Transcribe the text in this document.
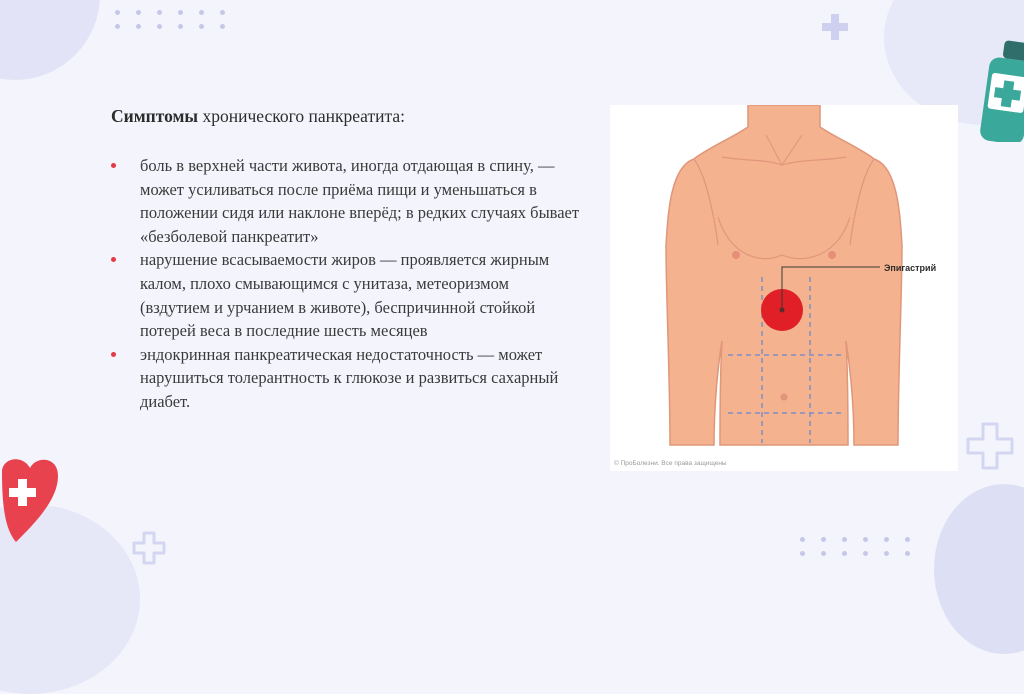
Симптомы хронического панкреатита:
боль в верхней части живота, иногда отдающая в спину, — может усиливаться после приёма пищи и уменьшаться в положении сидя или наклоне вперёд; в редких случаях бывает «безболевой панкреатит»
нарушение всасываемости жиров — проявляется жирным калом, плохо смывающимся с унитаза, метеоризмом (вздутием и урчанием в животе), беспричинной стойкой потерей веса в последние шесть месяцев
эндокринная панкреатическая недостаточность — может нарушиться толерантность к глюкозе и развиться сахарный диабет.
Эпигастрий
© ПроБолезни. Все права защищены
